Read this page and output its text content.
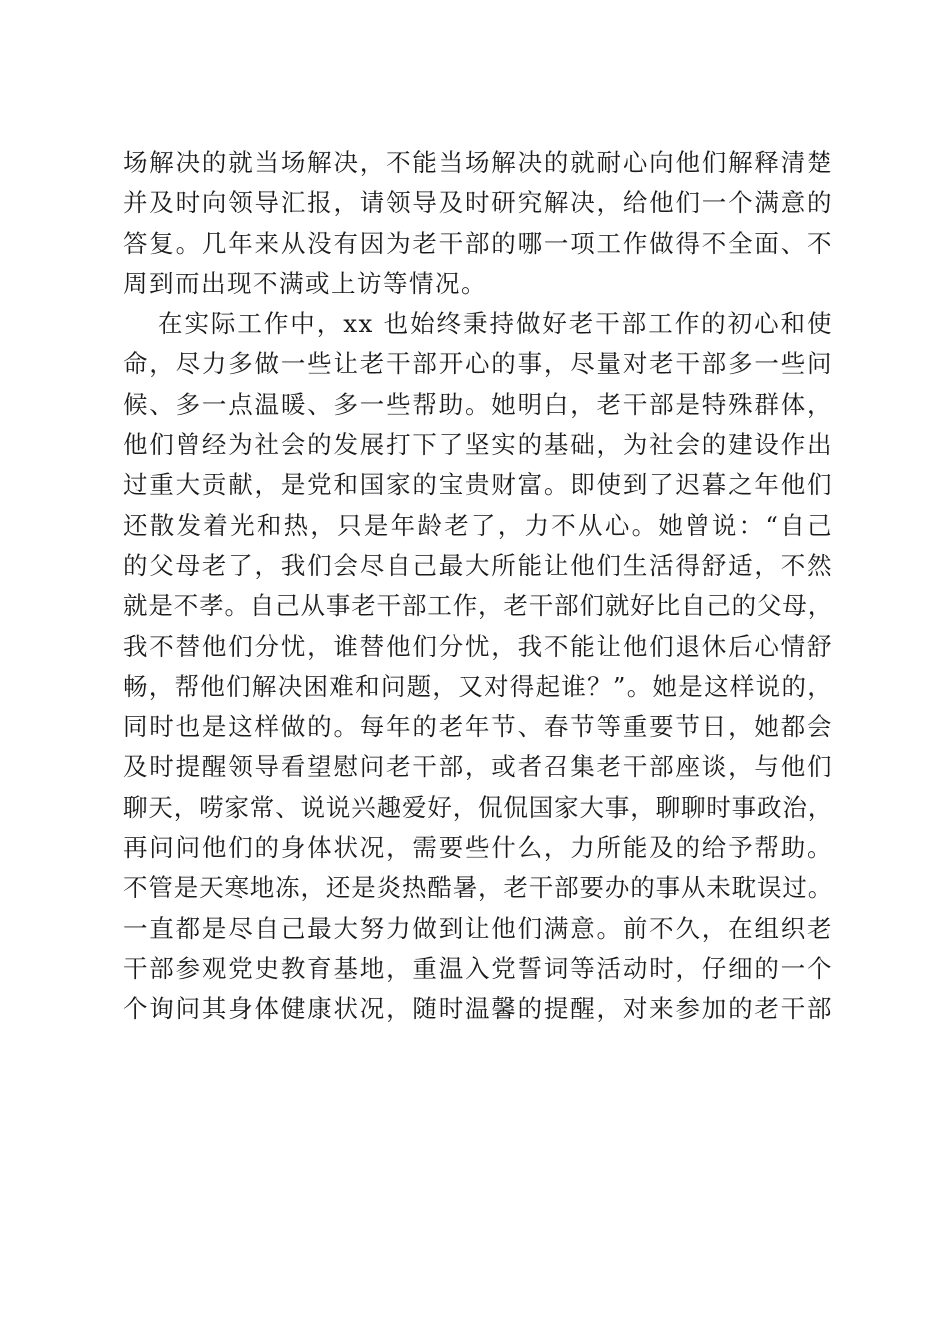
场解决的就当场解决，不能当场解决的就耐心向他们解释清楚
并及时向领导汇报，请领导及时研究解决，给他们一个满意的
答复。几年来从没有因为老干部的哪一项工作做得不全面、不
周到而出现不满或上访等情况。
在实际工作中，xx 也始终秉持做好老干部工作的初心和使
命，尽力多做一些让老干部开心的事，尽量对老干部多一些问
候、多一点温暖、多一些帮助。她明白，老干部是特殊群体，
他们曾经为社会的发展打下了坚实的基础，为社会的建设作出
过重大贡献，是党和国家的宝贵财富。即使到了迟暮之年他们
还散发着光和热，只是年龄老了，力不从心。她曾说：“自己
的父母老了，我们会尽自己最大所能让他们生活得舒适，不然
就是不孝。自己从事老干部工作，老干部们就好比自己的父母，
我不替他们分忧，谁替他们分忧，我不能让他们退休后心情舒
畅，帮他们解决困难和问题，又对得起谁？”。她是这样说的，
同时也是这样做的。每年的老年节、春节等重要节日，她都会
及时提醒领导看望慰问老干部，或者召集老干部座谈，与他们
聊天，唠家常、说说兴趣爱好，侃侃国家大事，聊聊时事政治，
再问问他们的身体状况，需要些什么，力所能及的给予帮助。
不管是天寒地冻，还是炎热酷暑，老干部要办的事从未耽误过。
一直都是尽自己最大努力做到让他们满意。前不久，在组织老
干部参观党史教育基地，重温入党誓词等活动时，仔细的一个
个询问其身体健康状况，随时温馨的提醒，对来参加的老干部
